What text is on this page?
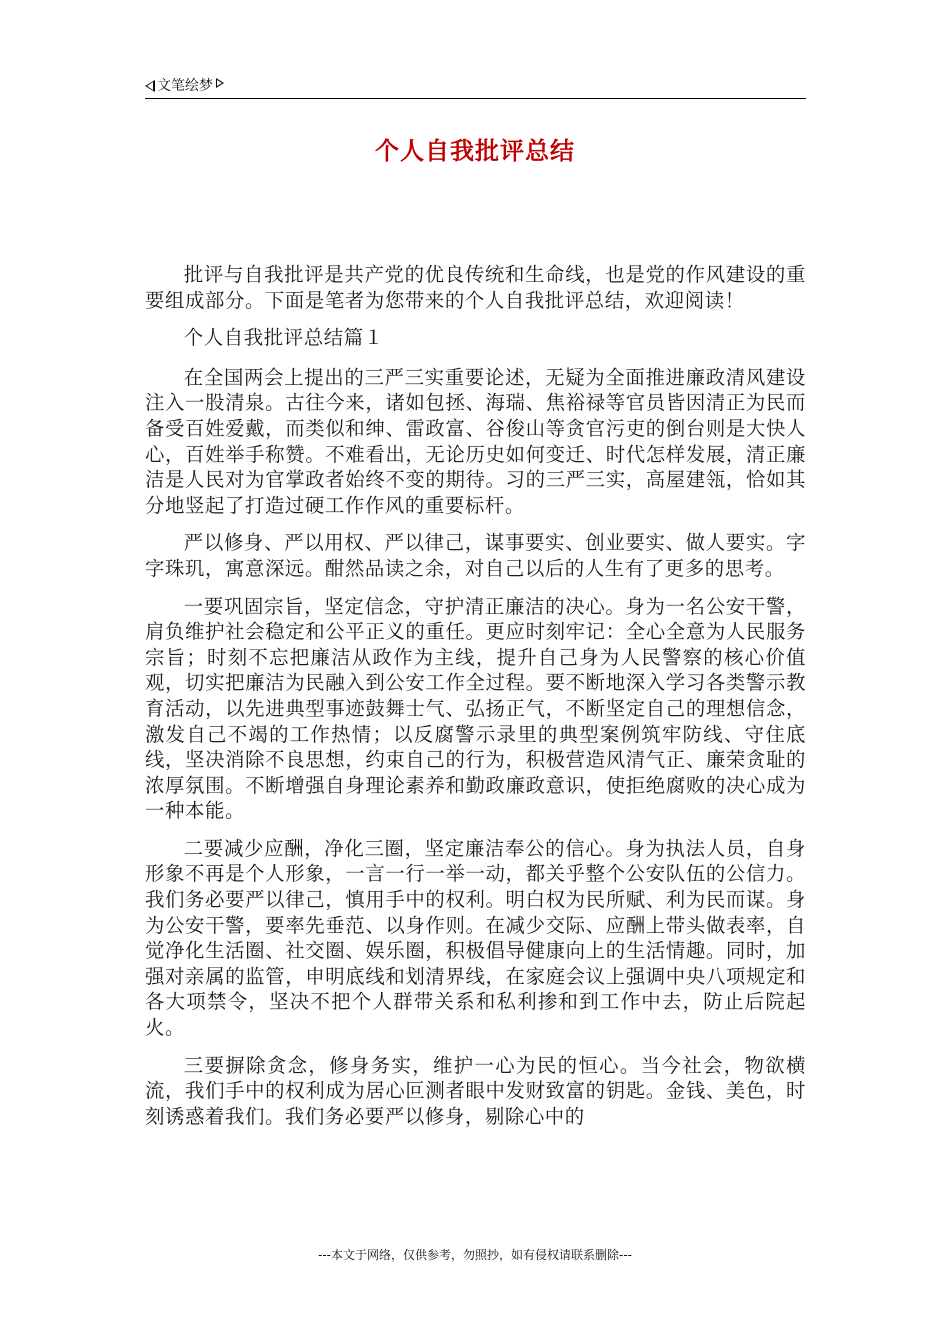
文笔绘梦
个人自我批评总结

批评与自我批评是共产党的优良传统和生命线，也是党的作风建设的重要组成部分。下面是笔者为您带来的个人自我批评总结，欢迎阅读！

个人自我批评总结篇１

在全国两会上提出的三严三实重要论述，无疑为全面推进廉政清风建设注入一股清泉。古往今来，诸如包拯、海瑞、焦裕禄等官员皆因清正为民而备受百姓爱戴，而类似和绅、雷政富、谷俊山等贪官污吏的倒台则是大快人心，百姓举手称赞。不难看出，无论历史如何变迁、时代怎样发展，清正廉洁是人民对为官掌政者始终不变的期待。习的三严三实，高屋建瓴，恰如其分地竖起了打造过硬工作作风的重要标杆。

严以修身、严以用权、严以律己，谋事要实、创业要实、做人要实。字字珠玑，寓意深远。酣然品读之余，对自己以后的人生有了更多的思考。

一要巩固宗旨，坚定信念，守护清正廉洁的决心。身为一名公安干警，肩负维护社会稳定和公平正义的重任。更应时刻牢记：全心全意为人民服务宗旨；时刻不忘把廉洁从政作为主线，提升自己身为人民警察的核心价值观，切实把廉洁为民融入到公安工作全过程。要不断地深入学习各类警示教育活动，以先进典型事迹鼓舞士气、弘扬正气，不断坚定自己的理想信念，激发自己不竭的工作热情；以反腐警示录里的典型案例筑牢防线、守住底线，坚决消除不良思想，约束自己的行为，积极营造风清气正、廉荣贪耻的浓厚氛围。不断增强自身理论素养和勤政廉政意识，使拒绝腐败的决心成为一种本能。

二要减少应酬，净化三圈，坚定廉洁奉公的信心。身为执法人员，自身形象不再是个人形象，一言一行一举一动，都关乎整个公安队伍的公信力。我们务必要严以律己，慎用手中的权利。明白权为民所赋、利为民而谋。身为公安干警，要率先垂范、以身作则。在减少交际、应酬上带头做表率，自觉净化生活圈、社交圈、娱乐圈，积极倡导健康向上的生活情趣。同时，加强对亲属的监管，申明底线和划清界线，在家庭会议上强调中央八项规定和各大项禁令，坚决不把个人群带关系和私利掺和到工作中去，防止后院起火。

三要摒除贪念，修身务实，维护一心为民的恒心。当今社会，物欲横流，我们手中的权利成为居心叵测者眼中发财致富的钥匙。金钱、美色，时刻诱惑着我们。我们务必要严以修身，剔除心中的

---本文于网络，仅供参考，勿照抄，如有侵权请联系删除---
